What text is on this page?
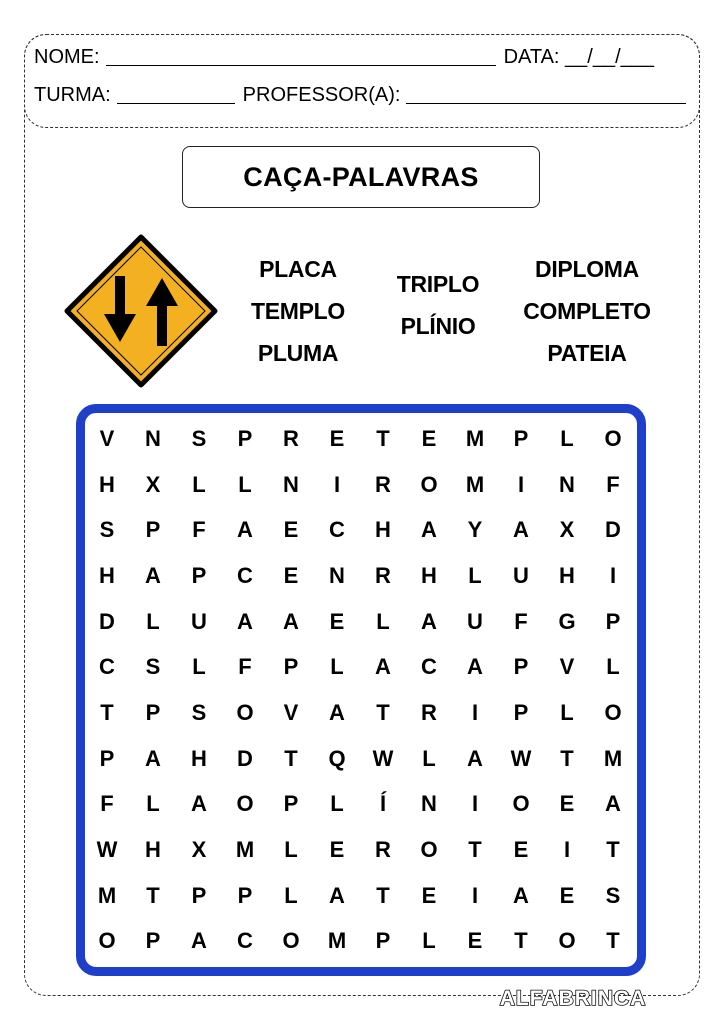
NOME:	DATA: __/__/___
TURMA:	PROFESSOR(A):
CAÇA-PALAVRAS
PLACA
TEMPLO
PLUMA
TRIPLO
PLÍNIO
DIPLOMA
COMPLETO
PATEIA
V	N	S	P	R	E	T	E	M	P	L	O
H	X	L	L	N	I	R	O	M	I	N	F
S	P	F	A	E	C	H	A	Y	A	X	D
H	A	P	C	E	N	R	H	L	U	H	I
D	L	U	A	A	E	L	A	U	F	G	P
C	S	L	F	P	L	A	C	A	P	V	L
T	P	S	O	V	A	T	R	I	P	L	O
P	A	H	D	T	Q	W	L	A	W	T	M
F	L	A	O	P	L	Í	N	I	O	E	A
W	H	X	M	L	E	R	O	T	E	I	T
M	T	P	P	L	A	T	E	I	A	E	S
O	P	A	C	O	M	P	L	E	T	O	T
ALFABRINCA
